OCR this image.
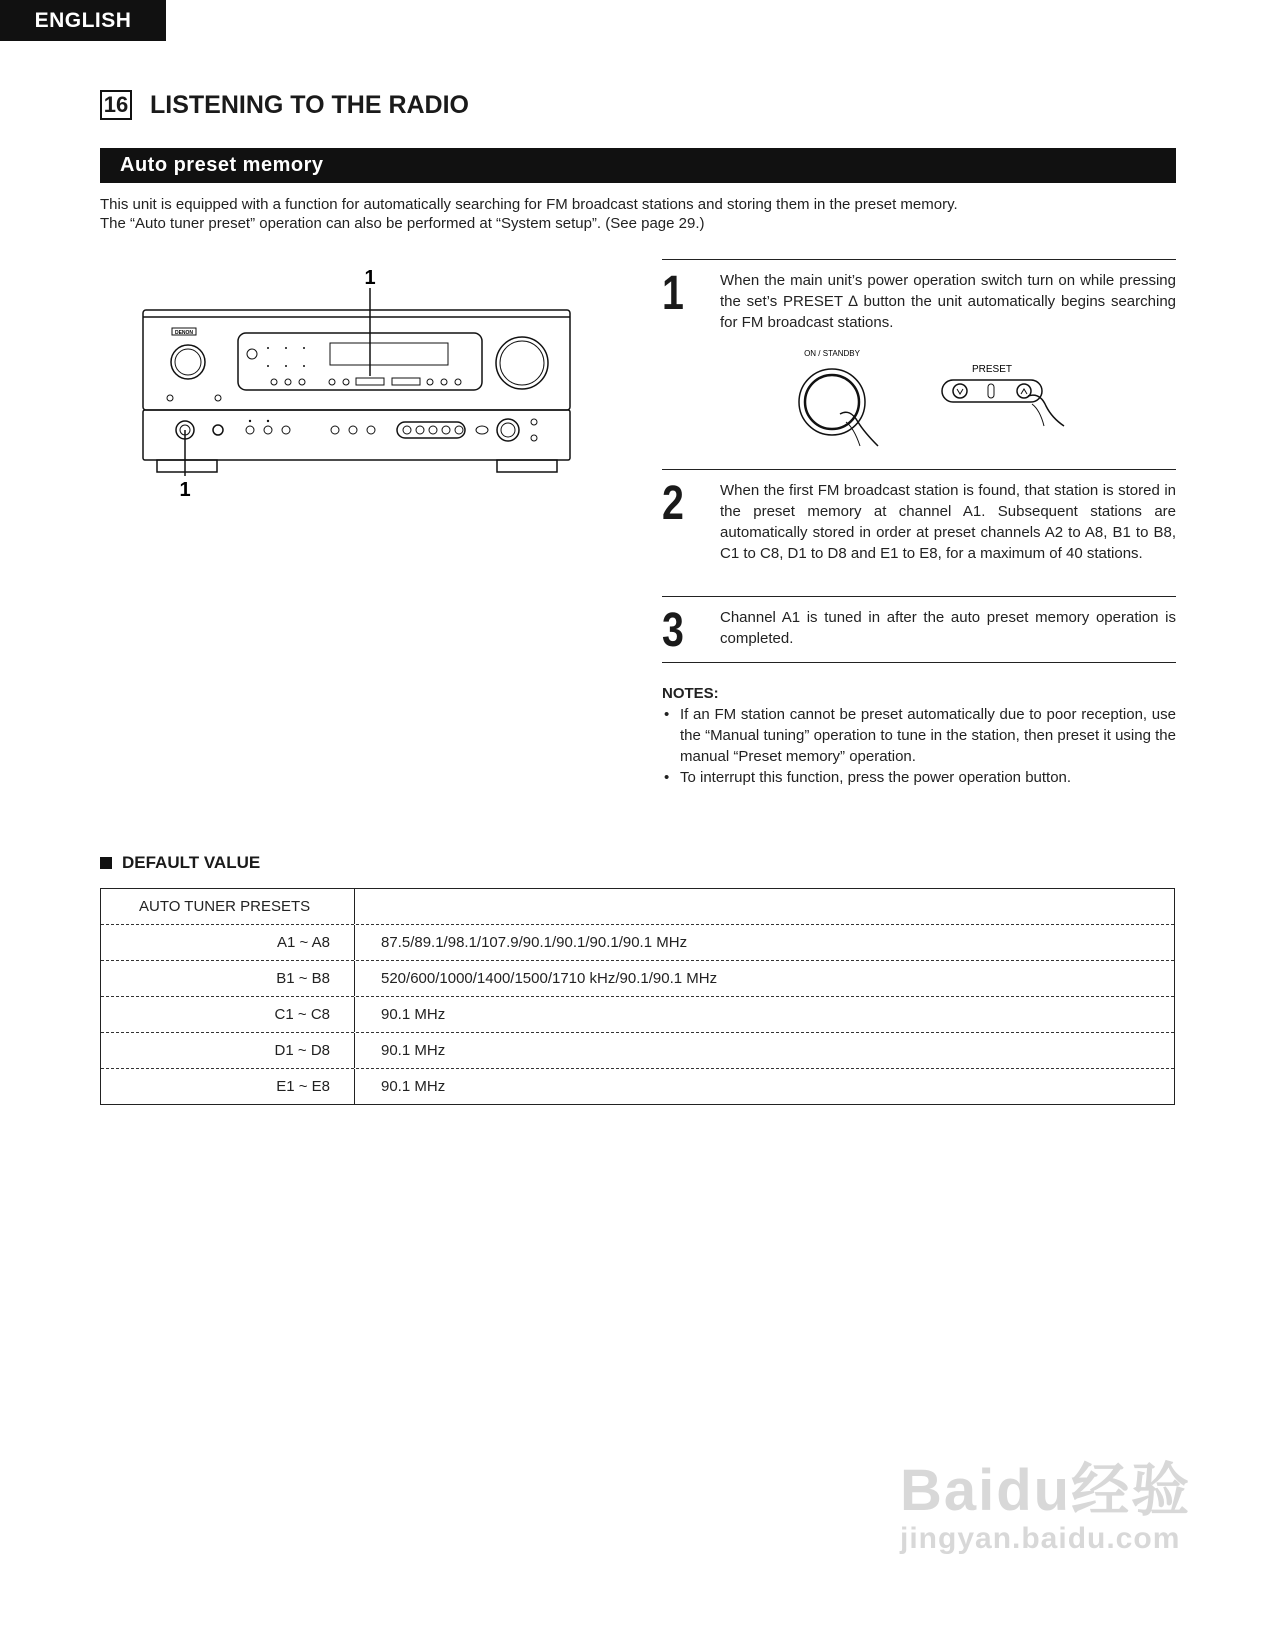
ENGLISH
16 LISTENING TO THE RADIO
Auto preset memory

This unit is equipped with a function for automatically searching for FM broadcast stations and storing them in the preset memory.

The “Auto tuner preset” operation can also be performed at “System setup”. (See page 29.)

DENON
1
1
1 When the main unit’s power operation switch turn on while pressing the set’s PRESET ∆ button the unit automatically begins searching for FM broadcast stations.
ON / STANDBY
PRESET
2 When the first FM broadcast station is found, that station is stored in the preset memory at channel A1. Subsequent stations are automatically stored in order at preset channels A2 to A8, B1 to B8, C1 to C8, D1 to D8 and E1 to E8, for a maximum of 40 stations.
3 Channel A1 is tuned in after the auto preset memory operation is completed.
NOTES:
• If an FM station cannot be preset automatically due to poor reception, use the “Manual tuning” operation to tune in the station, then preset it using the manual “Preset memory” operation.
• To interrupt this function, press the power operation button.
DEFAULT VALUE
AUTO TUNER PRESETS
A1 ~ A8	87.5/89.1/98.1/107.9/90.1/90.1/90.1/90.1 MHz
B1 ~ B8	520/600/1000/1400/1500/1710 kHz/90.1/90.1 MHz
C1 ~ C8	90.1 MHz
D1 ~ D8	90.1 MHz
E1 ~ E8	90.1 MHz
Baidu经验
jingyan.baidu.com
